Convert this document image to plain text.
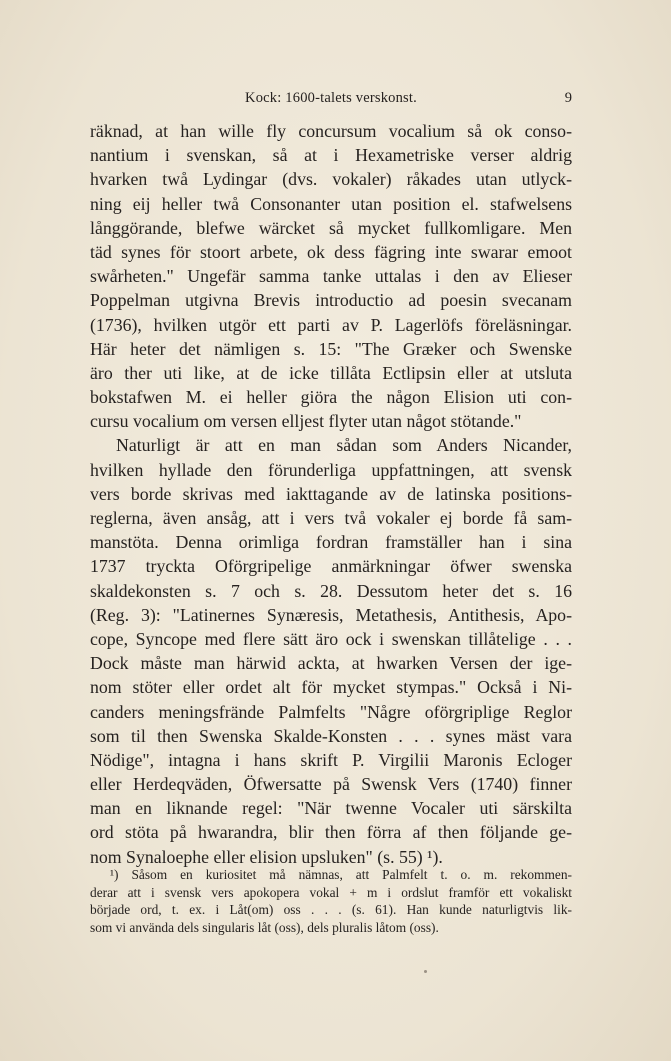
Kock: 1600-talets verskonst.	9
räknad, at han wille fly concursum vocalium så ok conso-
nantium i svenskan, så at i Hexametriske verser aldrig
hvarken twå Lydingar (dvs. vokaler) råkades utan utlyck-
ning eij heller twå Consonanter utan position el. stafwelsens
långgörande, blefwe wärcket så mycket fullkomligare. Men
täd synes för stoort arbete, ok dess fägring inte swarar emoot
swårheten." Ungefär samma tanke uttalas i den av Elieser
Poppelman utgivna Brevis introductio ad poesin svecanam
(1736), hvilken utgör ett parti av P. Lagerlöfs föreläsningar.
Här heter det nämligen s. 15: "The Græker och Swenske
äro ther uti like, at de icke tillåta Ectlipsin eller at utsluta
bokstafwen M. ei heller giöra the någon Elision uti con-
cursu vocalium om versen elljest flyter utan något stötande."
Naturligt är att en man sådan som Anders Nicander,
hvilken hyllade den förunderliga uppfattningen, att svensk
vers borde skrivas med iakttagande av de latinska positions-
reglerna, även ansåg, att i vers två vokaler ej borde få sam-
manstöta. Denna orimliga fordran framställer han i sina
1737 tryckta Oförgripelige anmärkningar öfwer swenska
skaldekonsten s. 7 och s. 28. Dessutom heter det s. 16
(Reg. 3): "Latinernes Synæresis, Metathesis, Antithesis, Apo-
cope, Syncope med flere sätt äro ock i swenskan tillåtelige . . .
Dock måste man härwid ackta, at hwarken Versen der ige-
nom stöter eller ordet alt för mycket stympas." Också i Ni-
canders meningsfrände Palmfelts "Någre oförgriplige Reglor
som til then Swenska Skalde-Konsten . . . synes mäst vara
Nödige", intagna i hans skrift P. Virgilii Maronis Ecloger
eller Herdeqväden, Öfwersatte på Swensk Vers (1740) finner
man en liknande regel: "När twenne Vocaler uti särskilta
ord stöta på hwarandra, blir then förra af then följande ge-
nom Synaloephe eller elision upsluken" (s. 55) ¹).
¹) Såsom en kuriositet må nämnas, att Palmfelt t. o. m. rekommen-
derar att i svensk vers apokopera vokal + m i ordslut framför ett vokaliskt
började ord, t. ex. i Låt(om) oss . . . (s. 61). Han kunde naturligtvis lik-
som vi använda dels singularis låt (oss), dels pluralis låtom (oss).
